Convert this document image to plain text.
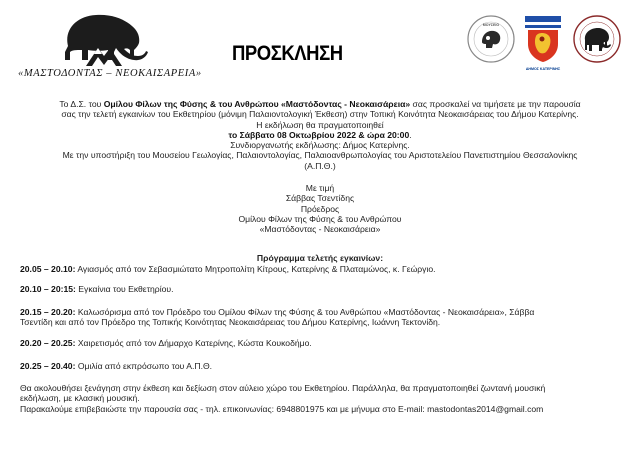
«ΜΑΣΤΟΔΟΝΤΑΣ – ΝΕΟΚΑΙΣΑΡΕΙΑ»
ΠΡΟΣΚΛΗΣΗ
ΜΟΥΣΕΙΟ
ΔΗΜΟΣ ΚΑΤΕΡΙΝΗΣ
Το Δ.Σ. του Ομίλου Φίλων της Φύσης & του Ανθρώπου «Μαστόδοντας - Νεοκαισάρεια» σας προσκαλεί να τιμήσετε με την παρουσία
σας την τελετή εγκαινίων του Εκθετηρίου (μόνιμη Παλαιοντολογική Έκθεση) στην Τοπική Κοινότητα Νεοκαισάρειας του Δήμου Κατερίνης.
Η εκδήλωση θα πραγματοποιηθεί
το Σάββατο 08 Οκτωβρίου 2022 & ώρα 20:00.
Συνδιοργανωτής εκδήλωσης: Δήμος Κατερίνης.
Με την υποστήριξη του Μουσείου Γεωλογίας, Παλαιοντολογίας, Παλαιοανθρωπολογίας του Αριστοτελείου Πανεπιστημίου Θεσσαλονίκης
(Α.Π.Θ.)
Με τιμή
Σάββας Τσεντίδης
Πρόεδρος
Ομίλου Φίλων της Φύσης & του Ανθρώπου
«Μαστόδοντας - Νεοκαισάρεια»
Πρόγραμμα τελετής εγκαινίων:
20.05 – 20.10: Αγιασμός από τον Σεβασμιώτατο Μητροπολίτη Κίτρους, Κατερίνης & Πλαταμώνος, κ. Γεώργιο.
20.10 – 20:15: Εγκαίνια του Εκθετηρίου.
20.15 – 20.20: Καλωσόρισμα από τον Πρόεδρο του Ομίλου Φίλων της Φύσης & του Ανθρώπου «Μαστόδοντας - Νεοκαισάρεια», Σάββα
Τσεντίδη και από τον Πρόεδρο της Τοπικής Κοινότητας Νεοκαισάρειας του Δήμου Κατερίνης, Ιωάννη Τεκτονίδη.
20.20 – 20.25: Χαιρετισμός από τον Δήμαρχο Κατερίνης, Κώστα Κουκοδήμο.
20.25 – 20.40: Ομιλία από εκπρόσωπο του Α.Π.Θ.
Θα ακολουθήσει ξενάγηση στην έκθεση και δεξίωση στον αύλειο χώρο του Εκθετηρίου. Παράλληλα, θα πραγματοποιηθεί ζωντανή μουσική
εκδήλωση, με κλασική μουσική.
Παρακαλούμε επιβεβαιώστε την παρουσία σας - τηλ. επικοινωνίας: 6948801975 και με μήνυμα στο E-mail: mastodontas2014@gmail.com
